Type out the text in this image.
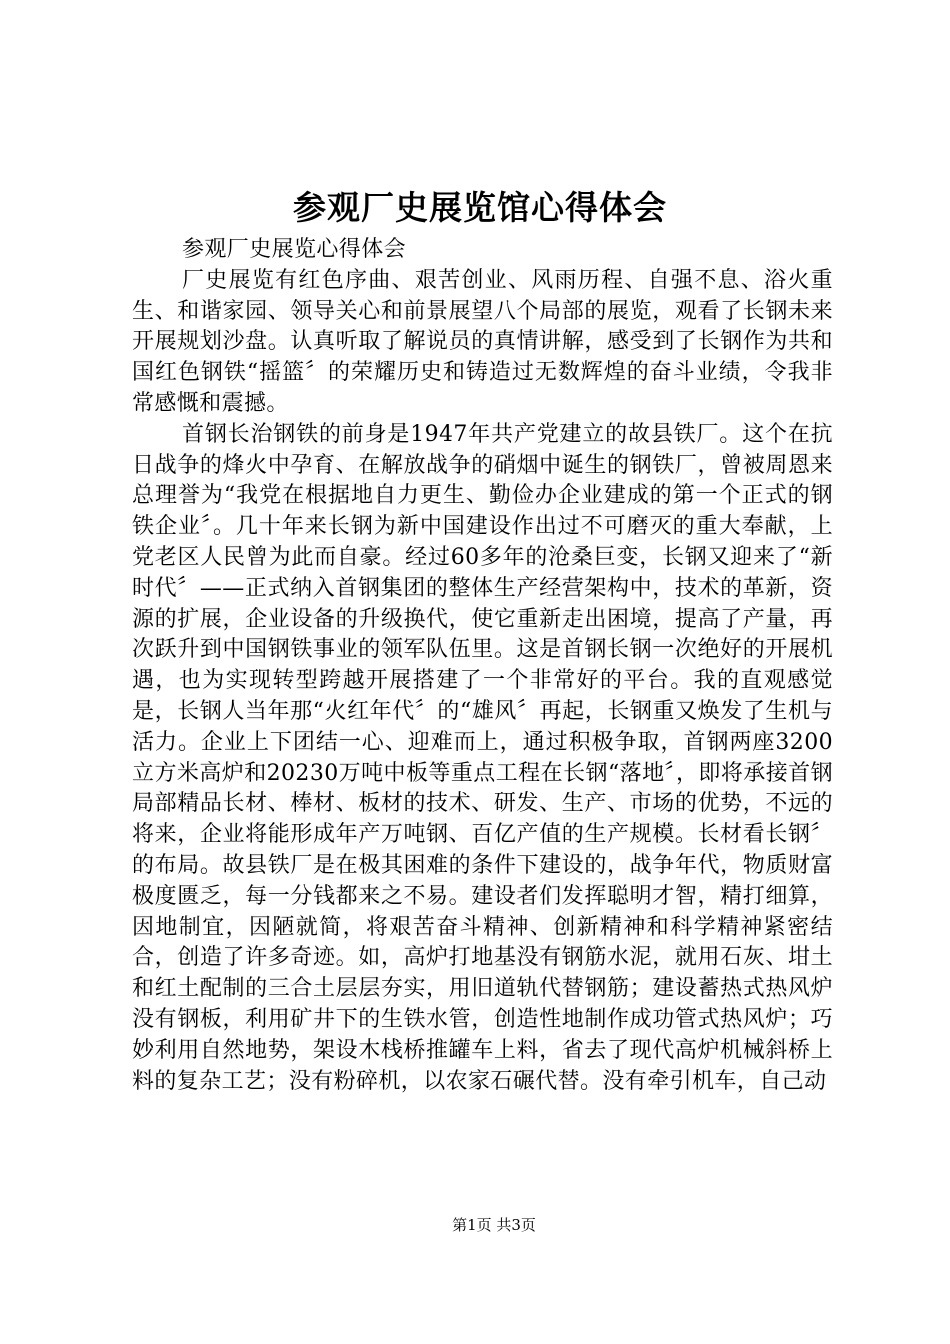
参观厂史展览馆心得体会

参观厂史展览心得体会

厂史展览有红色序曲、艰苦创业、风雨历程、自强不息、浴火重生、和谐家园、领导关心和前景展望八个局部的展览，观看了长钢未来开展规划沙盘。认真听取了解说员的真情讲解，感受到了长钢作为共和国红色钢铁“摇篮〞的荣耀历史和铸造过无数辉煌的奋斗业绩，令我非常感慨和震撼。

首钢长治钢铁的前身是1947年共产党建立的故县铁厂。这个在抗日战争的烽火中孕育、在解放战争的硝烟中诞生的钢铁厂，曾被周恩来总理誉为“我党在根据地自力更生、勤俭办企业建成的第一个正式的钢铁企业〞。几十年来长钢为新中国建设作出过不可磨灭的重大奉献，上党老区人民曾为此而自豪。经过60多年的沧桑巨变，长钢又迎来了“新时代〞——正式纳入首钢集团的整体生产经营架构中，技术的革新，资源的扩展，企业设备的升级换代，使它重新走出困境，提高了产量，再次跃升到中国钢铁事业的领军队伍里。这是首钢长钢一次绝好的开展机遇，也为实现转型跨越开展搭建了一个非常好的平台。我的直观感觉是，长钢人当年那“火红年代〞的“雄风〞再起，长钢重又焕发了生机与活力。企业上下团结一心、迎难而上，通过积极争取，首钢两座3200立方米高炉和20230万吨中板等重点工程在长钢“落地〞，即将承接首钢局部精品长材、棒材、板材的技术、研发、生产、市场的优势，不远的将来，企业将能形成年产万吨钢、百亿产值的生产规模。长材看长钢〞的布局。故县铁厂是在极其困难的条件下建设的，战争年代，物质财富极度匮乏，每一分钱都来之不易。建设者们发挥聪明才智，精打细算，因地制宜，因陋就简，将艰苦奋斗精神、创新精神和科学精神紧密结合，创造了许多奇迹。如，高炉打地基没有钢筋水泥，就用石灰、坩土和红土配制的三合土层层夯实，用旧道轨代替钢筋；建设蓄热式热风炉没有钢板，利用矿井下的生铁水管，创造性地制作成功管式热风炉；巧妙利用自然地势，架设木栈桥推罐车上料，省去了现代高炉机械斜桥上料的复杂工艺；没有粉碎机，以农家石碾代替。没有牵引机车，自己动

第1页 共3页
